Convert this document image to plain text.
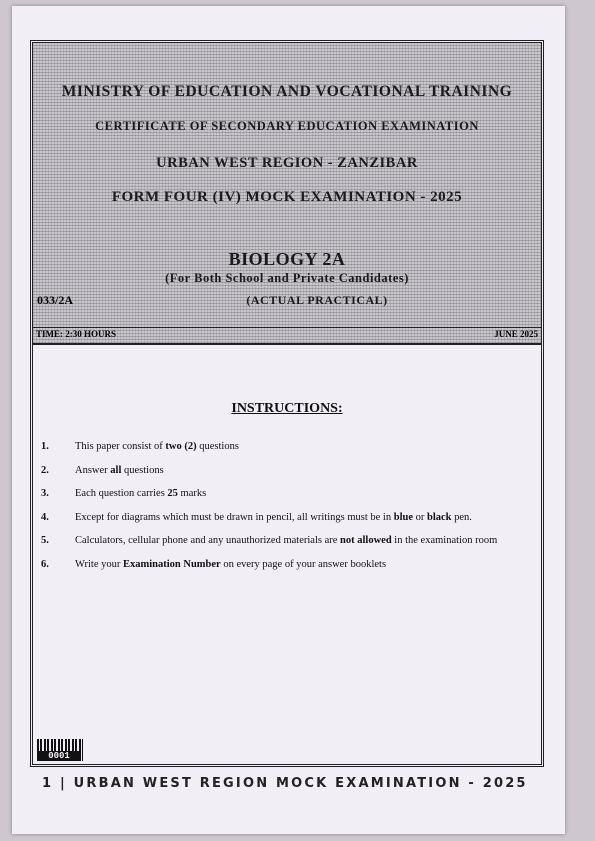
MINISTRY OF EDUCATION AND VOCATIONAL TRAINING
CERTIFICATE OF SECONDARY EDUCATION EXAMINATION
URBAN WEST REGION - ZANZIBAR
FORM FOUR (IV) MOCK EXAMINATION - 2025
BIOLOGY 2A
(For Both School and Private Candidates)
033/2A	(ACTUAL PRACTICAL)
TIME: 2:30 HOURS	JUNE 2025
INSTRUCTIONS:
1.	This paper consist of two (2) questions
2.	Answer all questions
3.	Each question carries 25 marks
4.	Except for diagrams which must be drawn in pencil, all writings must be in blue or black pen.
5.	Calculators, cellular phone and any unauthorized materials are not allowed in the examination room
6.	Write your Examination Number on every page of your answer booklets
0001
1 | URBAN WEST REGION MOCK EXAMINATION - 2025
